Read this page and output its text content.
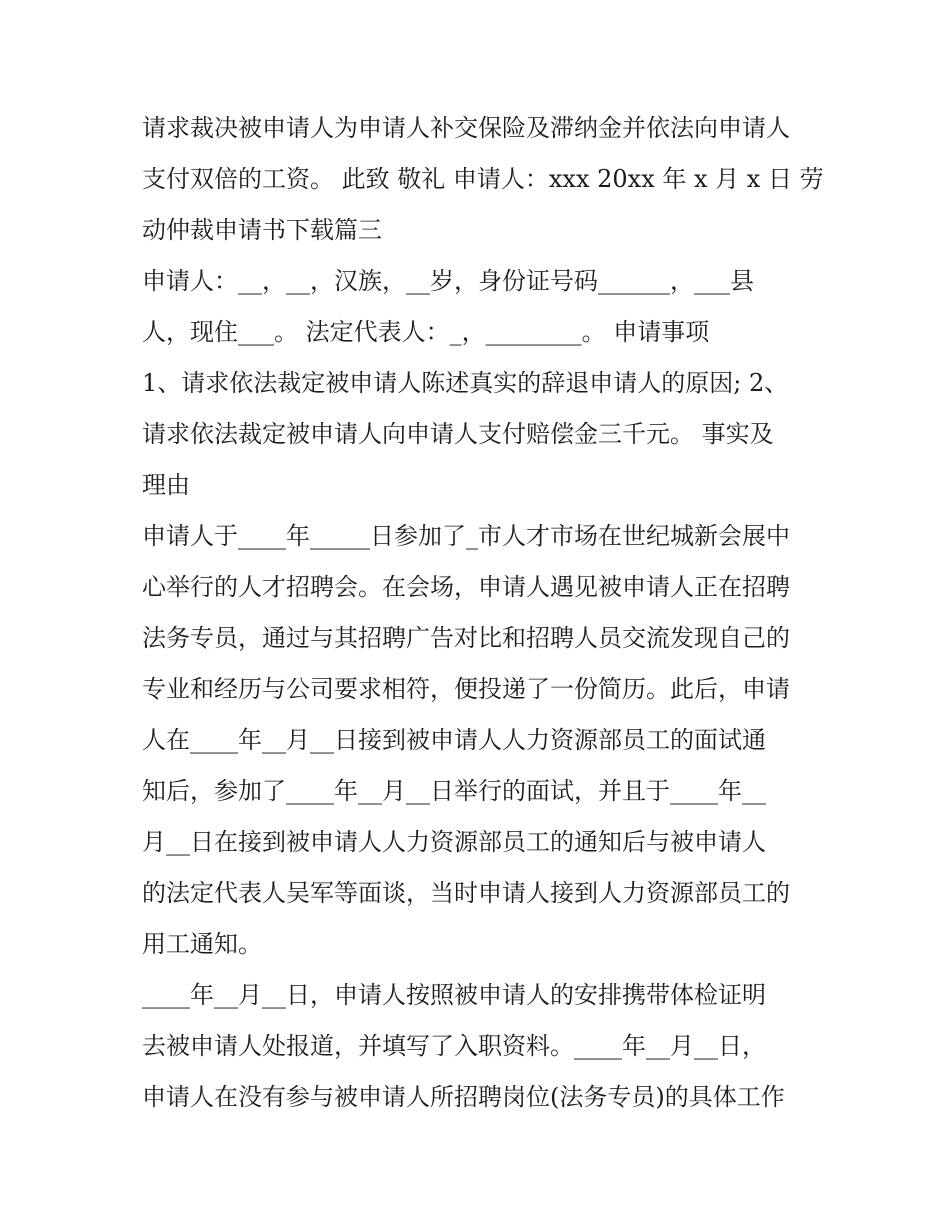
请求裁决被申请人为申请人补交保险及滞纳金并依法向申请人
支付双倍的工资。 此致 敬礼 申请人：xxx 20xx 年 x 月 x 日 劳
动仲裁申请书下载篇三
申请人：__，__，汉族，__岁，身份证号码______，___县
人，现住___。 法定代表人：_，________。 申请事项
1、请求依法裁定被申请人陈述真实的辞退申请人的原因; 2、
请求依法裁定被申请人向申请人支付赔偿金三千元。 事实及
理由
申请人于____年_____日参加了_市人才市场在世纪城新会展中
心举行的人才招聘会。在会场，申请人遇见被申请人正在招聘
法务专员，通过与其招聘广告对比和招聘人员交流发现自己的
专业和经历与公司要求相符，便投递了一份简历。此后，申请
人在____年__月__日接到被申请人人力资源部员工的面试通
知后，参加了____年__月__日举行的面试，并且于____年__
月__日在接到被申请人人力资源部员工的通知后与被申请人
的法定代表人吴军等面谈，当时申请人接到人力资源部员工的
用工通知。
____年__月__日，申请人按照被申请人的安排携带体检证明
去被申请人处报道，并填写了入职资料。____年__月__日，
申请人在没有参与被申请人所招聘岗位(法务专员)的具体工作
